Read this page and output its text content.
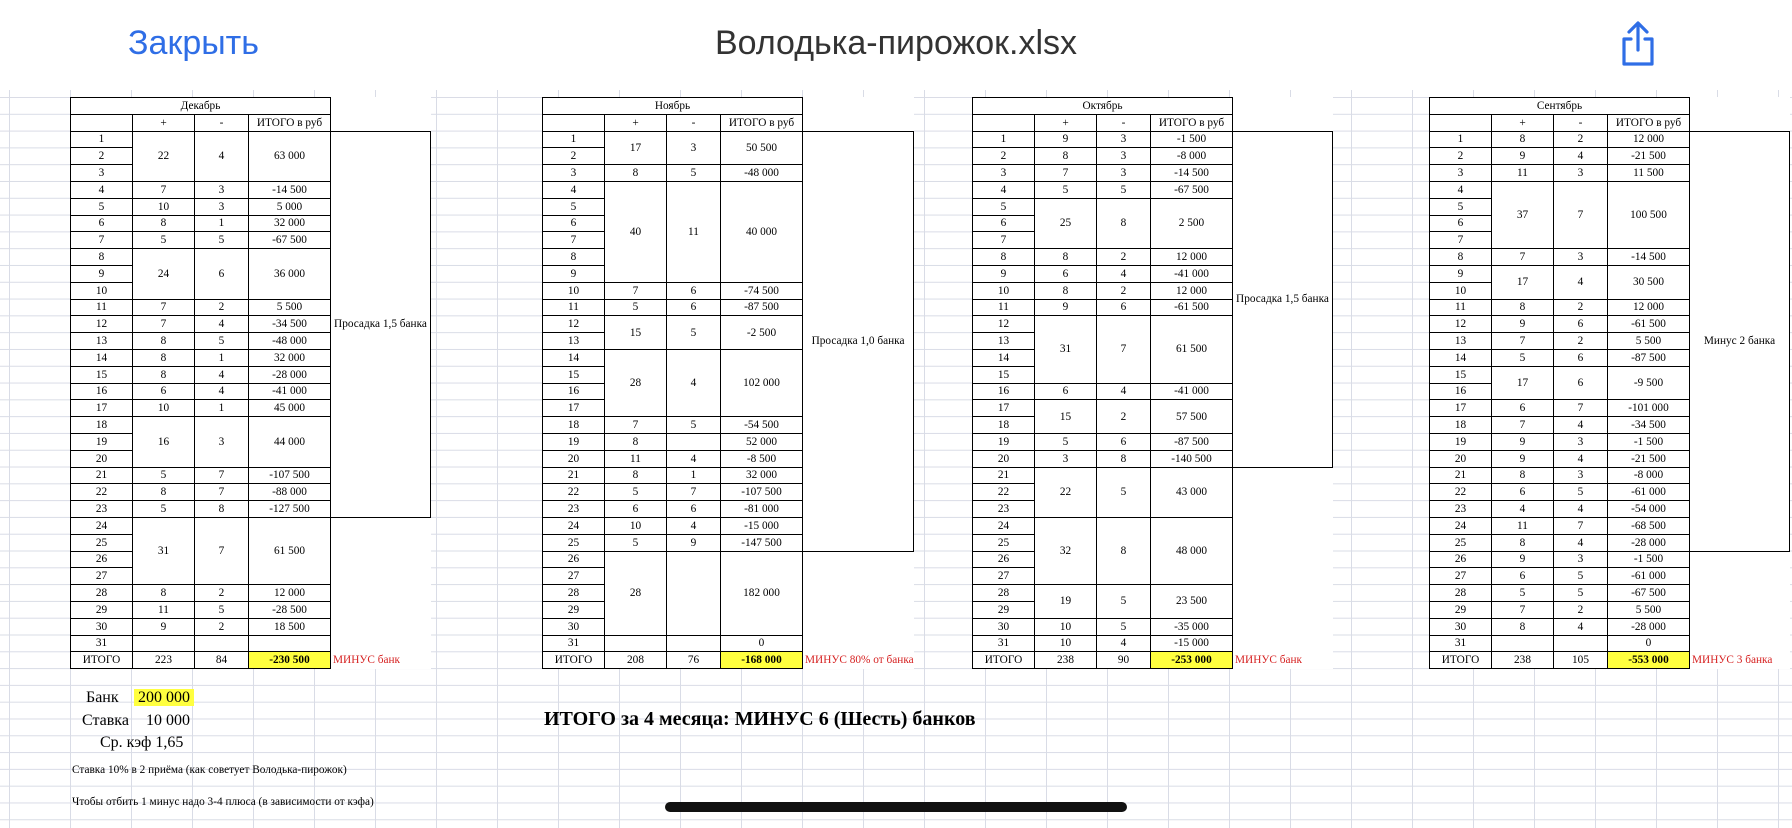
Закрыть	Володька-пирожок.xlsx
Декабрь				
	+	-	ИТОГО в руб	
1	22	4	63 000	Просадка 1,5 банка
2				
3				
4	7	3	-14 500	
5	10	3	5 000	
6	8	1	32 000	
7	5	5	-67 500	
8	24	6	36 000	
9				
10				
11	7	2	5 500	
12	7	4	-34 500	
13	8	5	-48 000	
14	8	1	32 000	
15	8	4	-28 000	
16	6	4	-41 000	
17	10	1	45 000	
18	16	3	44 000	
19				
20				
21	5	7	-107 500	
22	8	7	-88 000	
23	5	8	-127 500	
24	31	7	61 500	
25				
26				
27				
28	8	2	12 000	
29	11	5	-28 500	
30	9	2	18 500	
31				
ИТОГО	223	84	-230 500	МИНУС банк
Ноябрь				
	+	-	ИТОГО в руб	
1	17	3	50 500	Просадка 1,0 банка
2				
3	8	5	-48 000	
4	40	11	40 000	
5				
6				
7				
8				
9				
10	7	6	-74 500	
11	5	6	-87 500	
12	15	5	-2 500	
13				
14	28	4	102 000	
15				
16				
17				
18	7	5	-54 500	
19	8		52 000	
20	11	4	-8 500	
21	8	1	32 000	
22	5	7	-107 500	
23	6	6	-81 000	
24	10	4	-15 000	
25	5	9	-147 500	
26	28		182 000	
27				
28				
29				
30				
31			0	
ИТОГО	208	76	-168 000	МИНУС 80% от банка
Октябрь				
	+	-	ИТОГО в руб	
1	9	3	-1 500	Просадка 1,5 банка
2	8	3	-8 000	
3	7	3	-14 500	
4	5	5	-67 500	
5	25	8	2 500	
6				
7				
8	8	2	12 000	
9	6	4	-41 000	
10	8	2	12 000	
11	9	6	-61 500	
12	31	7	61 500	
13				
14				
15				
16	6	4	-41 000	
17	15	2	57 500	
18				
19	5	6	-87 500	
20	3	8	-140 500	
21	22	5	43 000	
22				
23				
24	32	8	48 000	
25				
26				
27				
28	19	5	23 500	
29				
30	10	5	-35 000	
31	10	4	-15 000	
ИТОГО	238	90	-253 000	МИНУС банк
Сентябрь				
	+	-	ИТОГО в руб	
1	8	2	12 000	Минус 2 банка
2	9	4	-21 500	
3	11	3	11 500	
4	37	7	100 500	
5				
6				
7				
8	7	3	-14 500	
9	17	4	30 500	
10				
11	8	2	12 000	
12	9	6	-61 500	
13	7	2	5 500	
14	5	6	-87 500	
15	17	6	-9 500	
16				
17	6	7	-101 000	
18	7	4	-34 500	
19	9	3	-1 500	
20	9	4	-21 500	
21	8	3	-8 000	
22	6	5	-61 000	
23	4	4	-54 000	
24	11	7	-68 500	
25	8	4	-28 000	
26	9	3	-1 500	
27	6	5	-61 000	
28	5	5	-67 500	
29	7	2	5 500	
30	8	4	-28 000	
31			0	
ИТОГО	238	105	-553 000	МИНУС 3 банка
Банк 200 000
Ставка 10 000
Ср. кэф 1,65
Ставка 10% в 2 приёма (как советует Володька-пирожок)
Чтобы отбить 1 минус надо 3-4 плюса (в зависимости от кэфа)
ИТОГО за 4 месяца: МИНУС 6 (Шесть) банков
